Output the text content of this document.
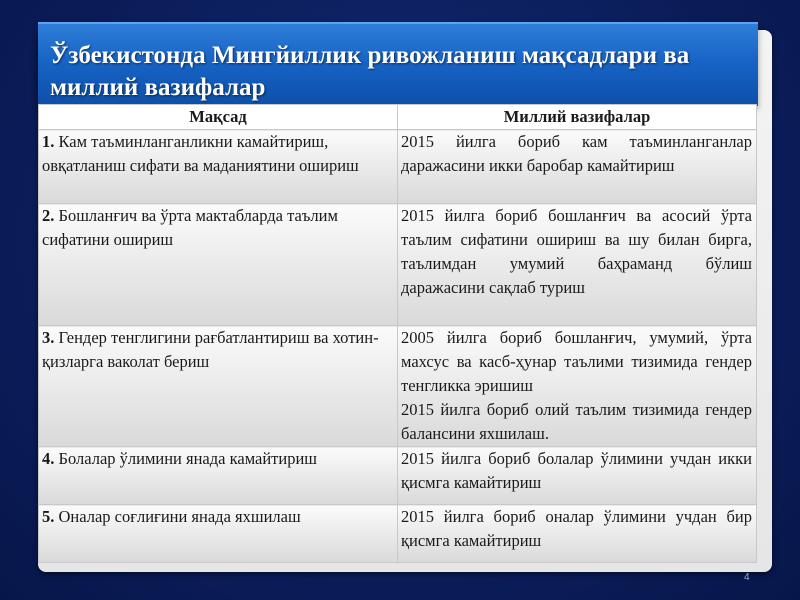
Ўзбекистонда Мингйиллик ривожланиш мақсадлари ва
миллий вазифалар
Мақсад	Миллий вазифалар
1. Кам таъминланганликни камайтириш, овқатланиш сифати ва маданиятини ошириш	2015 йилга бориб кам таъминланганлар даражасини икки баробар камайтириш

2. Бошланғич ва ўрта мактабларда таълим сифатини ошириш	2015 йилга бориб бошланғич ва асосий ўрта таълим сифатини ошириш ва шу билан бирга, таълимдан умумий баҳраманд бўлиш даражасини сақлаб туриш

3. Гендер тенглигини рағбатлантириш ва хотин-қизларга ваколат бериш	2005 йилга бориб бошланғич, умумий, ўрта махсус ва касб-ҳунар таълими тизимида гендер тенгликка эришиш
2015 йилга бориб олий таълим тизимида гендер балансини яхшилаш.

4. Болалар ўлимини янада камайтириш	2015 йилга бориб болалар ўлимини учдан икки қисмга камайтириш

5. Оналар соғлиғини янада яхшилаш	2015 йилга бориб оналар ўлимини учдан бир қисмга камайтириш
4
